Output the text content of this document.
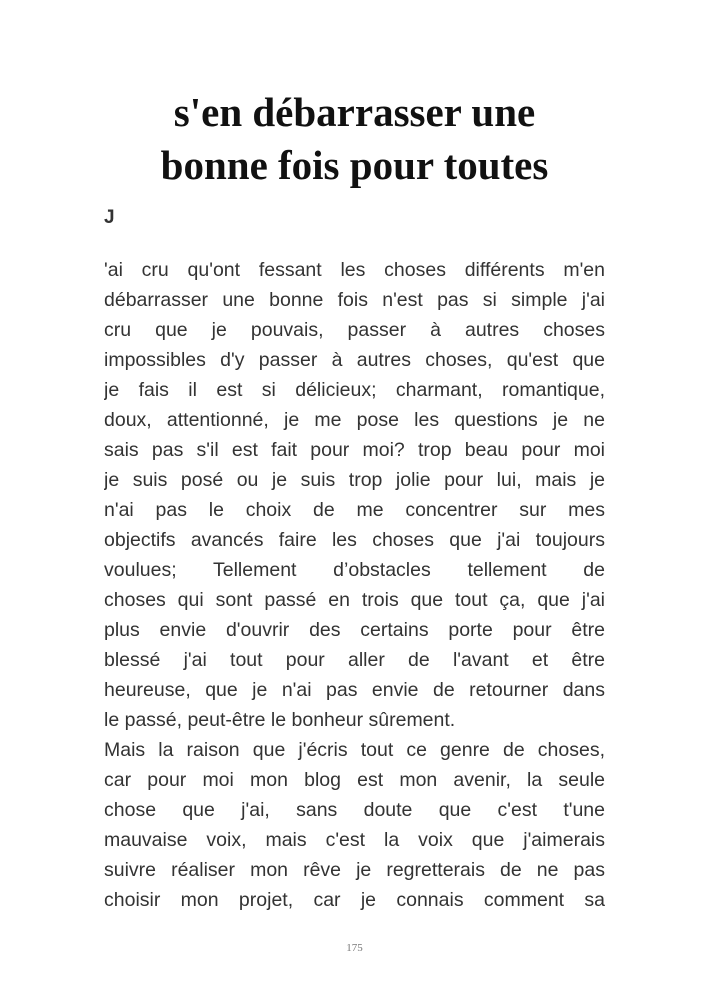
s'en débarrasser une
bonne fois pour toutes
J
'ai cru qu'ont fessant les choses différents m'en
débarrasser une bonne fois n'est pas si simple j'ai
cru que je pouvais, passer à autres choses
impossibles d'y passer à autres choses, qu'est que
je fais il est si délicieux; charmant, romantique,
doux, attentionné, je me pose les questions je ne
sais pas s'il est fait pour moi? trop beau pour moi
je suis posé ou je suis trop jolie pour lui, mais je
n'ai pas le choix de me concentrer sur mes
objectifs avancés faire les choses que j'ai toujours
voulues; Tellement d’obstacles tellement de
choses qui sont passé en trois que tout ça, que j'ai
plus envie d'ouvrir des certains porte pour être
blessé j'ai tout pour aller de l'avant et être
heureuse, que je n'ai pas envie de retourner dans
le passé, peut-être le bonheur sûrement.
Mais la raison que j'écris tout ce genre de choses,
car pour moi mon blog est mon avenir, la seule
chose que j'ai, sans doute que c'est t'une
mauvaise voix, mais c'est la voix que j'aimerais
suivre réaliser mon rêve je regretterais de ne pas
choisir mon projet, car je connais comment sa
175
